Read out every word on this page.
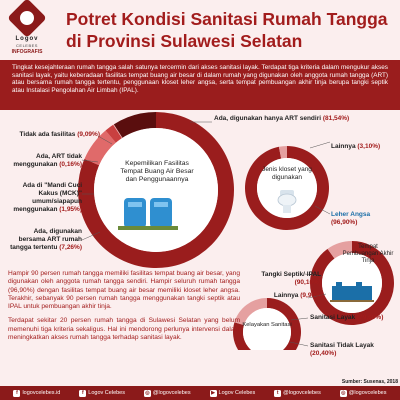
Logov
CELEBES
INFOGRAFIS
Potret Kondisi Sanitasi Rumah Tangga di Provinsi Sulawesi Selatan
Tingkat kesejahteraan rumah tangga salah satunya tercermin dari akses sanitasi layak. Terdapat tiga kriteria dalam mengukur akses sanitasi layak, yaitu keberadaan fasilitas tempat buang air besar di dalam rumah yang digunakan oleh anggota rumah tangga (ART) atau bersama rumah tangga tertentu, penggunaan kloset leher angsa, serta tempat pembuangan akhir tinja berupa tangki septik atau Instalasi Pengolahan Air Limbah (IPAL).
Ada, digunakan hanya ART sendiri (81,54%)
Tidak ada fasilitas (9,09%)
Ada, ART tidak menggunakan (0,16%)
Ada di "Mandi Cuci Kakus (MCK)" umum/siapapun menggunakan (1,95%)
Ada, digunakan bersama ART rumah tangga tertentu (7,26%)
Kepemilikan Fasilitas Tempat Buang Air Besar dan Penggunaannya
Jenis kloset yang digunakan
Lainnya (3,10%)
Leher Angsa
(96,90%)
Tempat Pembuangan Akhir Tinja
Tangki Septik/ IPAL (90,10%)
Lainnya (9,90%)
Kelayakan Sanitasi
Sanitasi Layak (79,60%)
Sanitasi Tidak Layak
(20,40%)

Hampir 90 persen rumah tangga memiliki fasilitas tempat buang air besar, yang digunakan oleh anggota rumah tangga sendiri. Hampir seluruh rumah tangga (96,90%) dengan fasilitas tempat buang air besar memiliki kloset leher angsa. Terakhir, sebanyak 90 persen rumah tangga menggunakan tangki septik atau IPAL untuk pembuangan akhir tinja.

Terdapat sekitar 20 persen rumah tangga di Sulawesi Selatan yang belum memenuhi tiga kriteria sekaligus. Hal ini mendorong perlunya intervensi dalam meningkatkan akses rumah tangga terhadap sanitasi layak.

Sumber: Susenas, 2018
f logovcelebes.id	f Logov Celebes	◎ @logovcelebes	▶ Logov Celebes	t @logovcelebes	◎ @logovcelebes
